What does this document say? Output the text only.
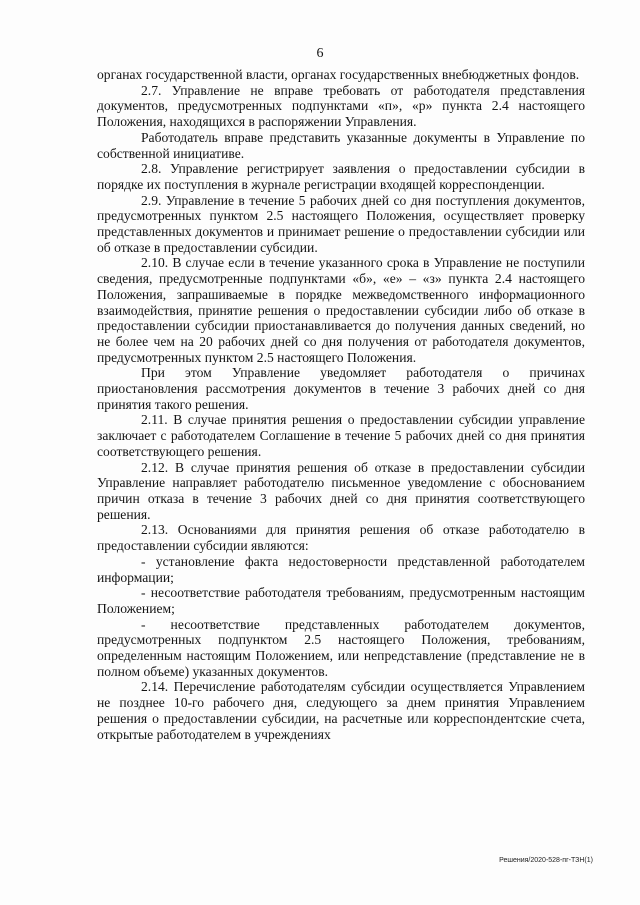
6

органах государственной власти, органах государственных внебюджетных фондов.

2.7. Управление не вправе требовать от работодателя представления документов, предусмотренных подпунктами «п», «р» пункта 2.4 настоящего Положения, находящихся в распоряжении Управления.

Работодатель вправе представить указанные документы в Управление по собственной инициативе.

2.8. Управление регистрирует заявления о предоставлении субсидии в порядке их поступления в журнале регистрации входящей корреспонденции.

2.9. Управление в течение 5 рабочих дней со дня поступления документов, предусмотренных пунктом 2.5 настоящего Положения, осуществляет проверку представленных документов и принимает решение о предоставлении субсидии или об отказе в предоставлении субсидии.

2.10. В случае если в течение указанного срока в Управление не поступили сведения, предусмотренные подпунктами «б», «е» – «з» пункта 2.4 настоящего Положения, запрашиваемые в порядке межведомственного информационного взаимодействия, принятие решения о предоставлении субсидии либо об отказе в предоставлении субсидии приостанавливается до получения данных сведений, но не более чем на 20 рабочих дней со дня получения от работодателя документов, предусмотренных пунктом 2.5 настоящего Положения.

При этом Управление уведомляет работодателя о причинах приостановления рассмотрения документов в течение 3 рабочих дней со дня принятия такого решения.

2.11. В случае принятия решения о предоставлении субсидии управление заключает с работодателем Соглашение в течение 5 рабочих дней со дня принятия соответствующего решения.

2.12. В случае принятия решения об отказе в предоставлении субсидии Управление направляет работодателю письменное уведомление с обоснованием причин отказа в течение 3 рабочих дней со дня принятия соответствующего решения.

2.13. Основаниями для принятия решения об отказе работодателю в предоставлении субсидии являются:

- установление факта недостоверности представленной работодателем информации;

- несоответствие работодателя требованиям, предусмотренным настоящим Положением;

- несоответствие представленных работодателем документов, предусмотренных подпунктом 2.5 настоящего Положения, требованиям, определенным настоящим Положением, или непредставление (представление не в полном объеме) указанных документов.

2.14. Перечисление работодателям субсидии осуществляется Управлением не позднее 10-го рабочего дня, следующего за днем принятия Управлением решения о предоставлении субсидии, на расчетные или корреспондентские счета, открытые работодателем в учреждениях

Решения/2020-528-пг-ТЗН(1)
